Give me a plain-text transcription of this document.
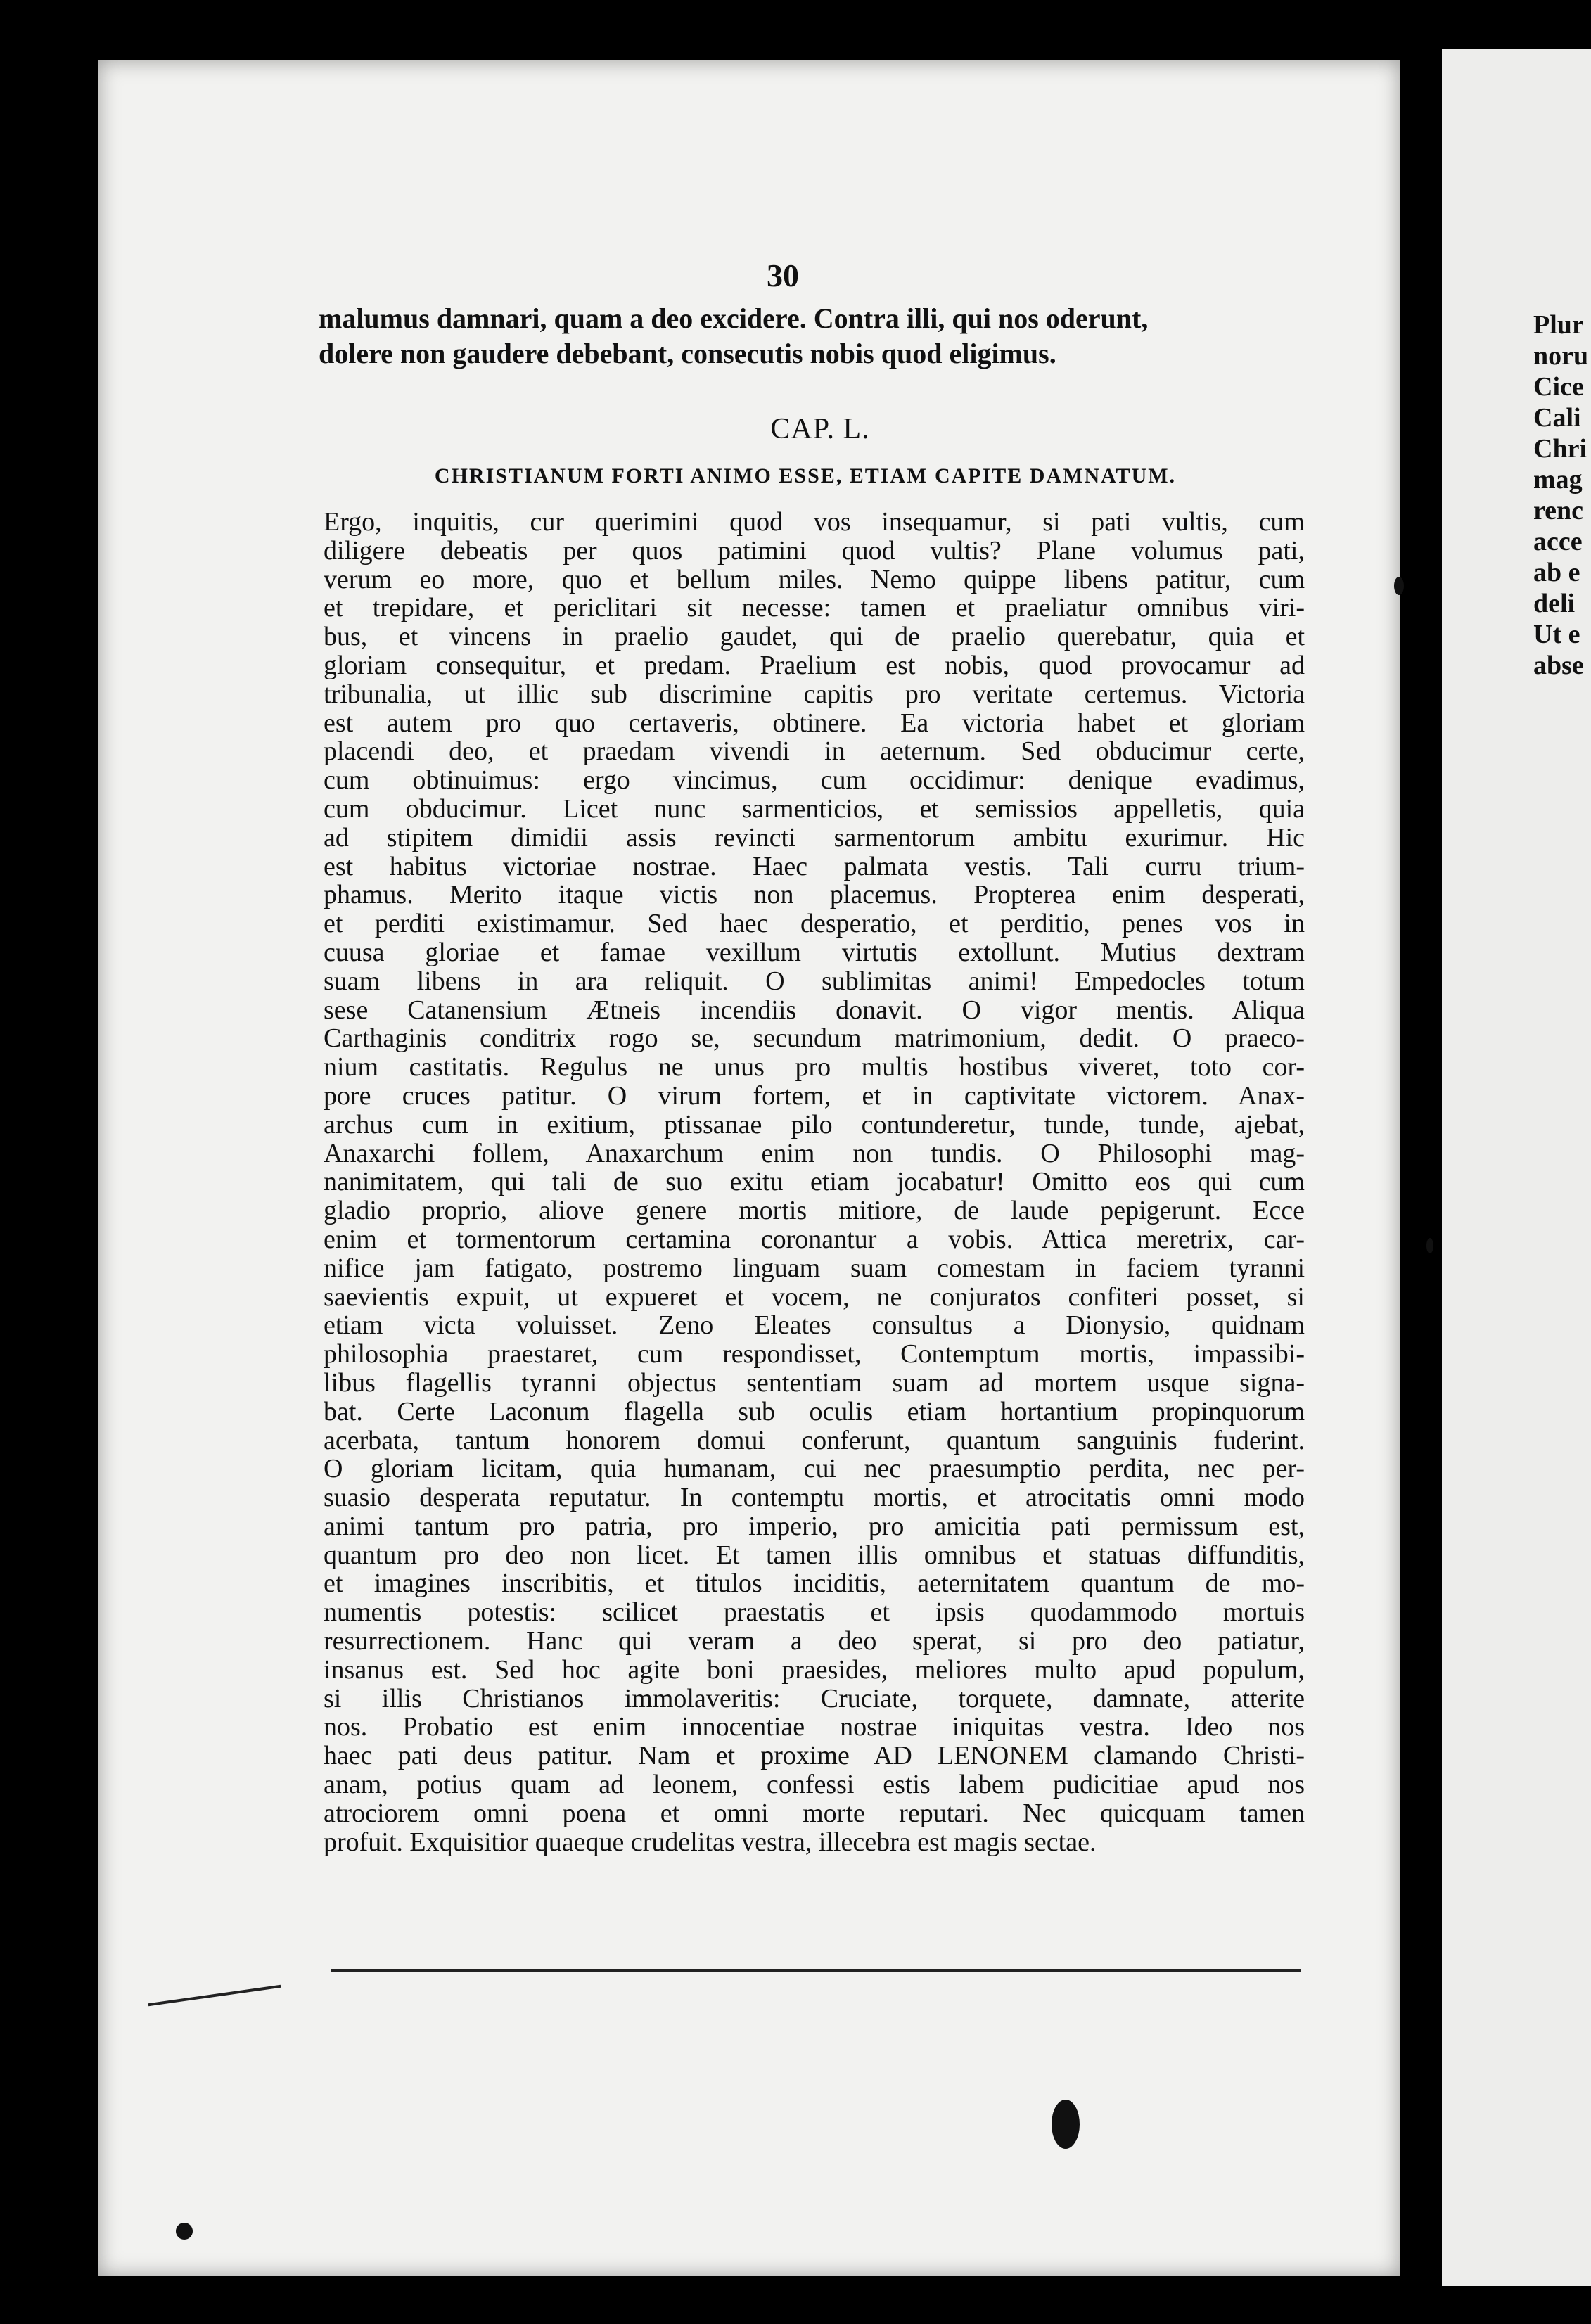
30
malumus damnari, quam a deo excidere. Contra illi, qui nos oderunt,
dolere non gaudere debebant, consecutis nobis quod eligimus.
CAP. L.
CHRISTIANUM FORTI ANIMO ESSE, ETIAM CAPITE DAMNATUM.
Ergo, inquitis, cur querimini quod vos insequamur, si pati vultis, cum
diligere debeatis per quos patimini quod vultis? Plane volumus pati,
verum eo more, quo et bellum miles. Nemo quippe libens patitur, cum
et trepidare, et periclitari sit necesse: tamen et praeliatur omnibus viri-
bus, et vincens in praelio gaudet, qui de praelio querebatur, quia et
gloriam consequitur, et predam. Praelium est nobis, quod provocamur ad
tribunalia, ut illic sub discrimine capitis pro veritate certemus. Victoria
est autem pro quo certaveris, obtinere. Ea victoria habet et gloriam
placendi deo, et praedam vivendi in aeternum. Sed obducimur certe,
cum obtinuimus: ergo vincimus, cum occidimur: denique evadimus,
cum obducimur. Licet nunc sarmenticios, et semissios appelletis, quia
ad stipitem dimidii assis revincti sarmentorum ambitu exurimur. Hic
est habitus victoriae nostrae. Haec palmata vestis. Tali curru trium-
phamus. Merito itaque victis non placemus. Propterea enim desperati,
et perditi existimamur. Sed haec desperatio, et perditio, penes vos in
cuusa gloriae et famae vexillum virtutis extollunt. Mutius dextram
suam libens in ara reliquit. O sublimitas animi! Empedocles totum
sese Catanensium Ætneis incendiis donavit. O vigor mentis. Aliqua
Carthaginis conditrix rogo se, secundum matrimonium, dedit. O praeco-
nium castitatis. Regulus ne unus pro multis hostibus viveret, toto cor-
pore cruces patitur. O virum fortem, et in captivitate victorem. Anax-
archus cum in exitium, ptissanae pilo contunderetur, tunde, tunde, ajebat,
Anaxarchi follem, Anaxarchum enim non tundis. O Philosophi mag-
nanimitatem, qui tali de suo exitu etiam jocabatur! Omitto eos qui cum
gladio proprio, aliove genere mortis mitiore, de laude pepigerunt. Ecce
enim et tormentorum certamina coronantur a vobis. Attica meretrix, car-
nifice jam fatigato, postremo linguam suam comestam in faciem tyranni
saevientis expuit, ut expueret et vocem, ne conjuratos confiteri posset, si
etiam victa voluisset. Zeno Eleates consultus a Dionysio, quidnam
philosophia praestaret, cum respondisset, Contemptum mortis, impassibi-
libus flagellis tyranni objectus sententiam suam ad mortem usque signa-
bat. Certe Laconum flagella sub oculis etiam hortantium propinquorum
acerbata, tantum honorem domui conferunt, quantum sanguinis fuderint.
O gloriam licitam, quia humanam, cui nec praesumptio perdita, nec per-
suasio desperata reputatur. In contemptu mortis, et atrocitatis omni modo
animi tantum pro patria, pro imperio, pro amicitia pati permissum est,
quantum pro deo non licet. Et tamen illis omnibus et statuas diffunditis,
et imagines inscribitis, et titulos inciditis, aeternitatem quantum de mo-
numentis potestis: scilicet praestatis et ipsis quodammodo mortuis
resurrectionem. Hanc qui veram a deo sperat, si pro deo patiatur,
insanus est. Sed hoc agite boni praesides, meliores multo apud populum,
si illis Christianos immolaveritis: Cruciate, torquete, damnate, atterite
nos. Probatio est enim innocentiae nostrae iniquitas vestra. Ideo nos
haec pati deus patitur. Nam et proxime AD LENONEM clamando Christi-
anam, potius quam ad leonem, confessi estis labem pudicitiae apud nos
atrociorem omni poena et omni morte reputari. Nec quicquam tamen
profuit. Exquisitior quaeque crudelitas vestra, illecebra est magis sectae.
Plur
noru
Cice
Cali
Chri
mag
renc
acce
ab e
deli
Ut e
abse
